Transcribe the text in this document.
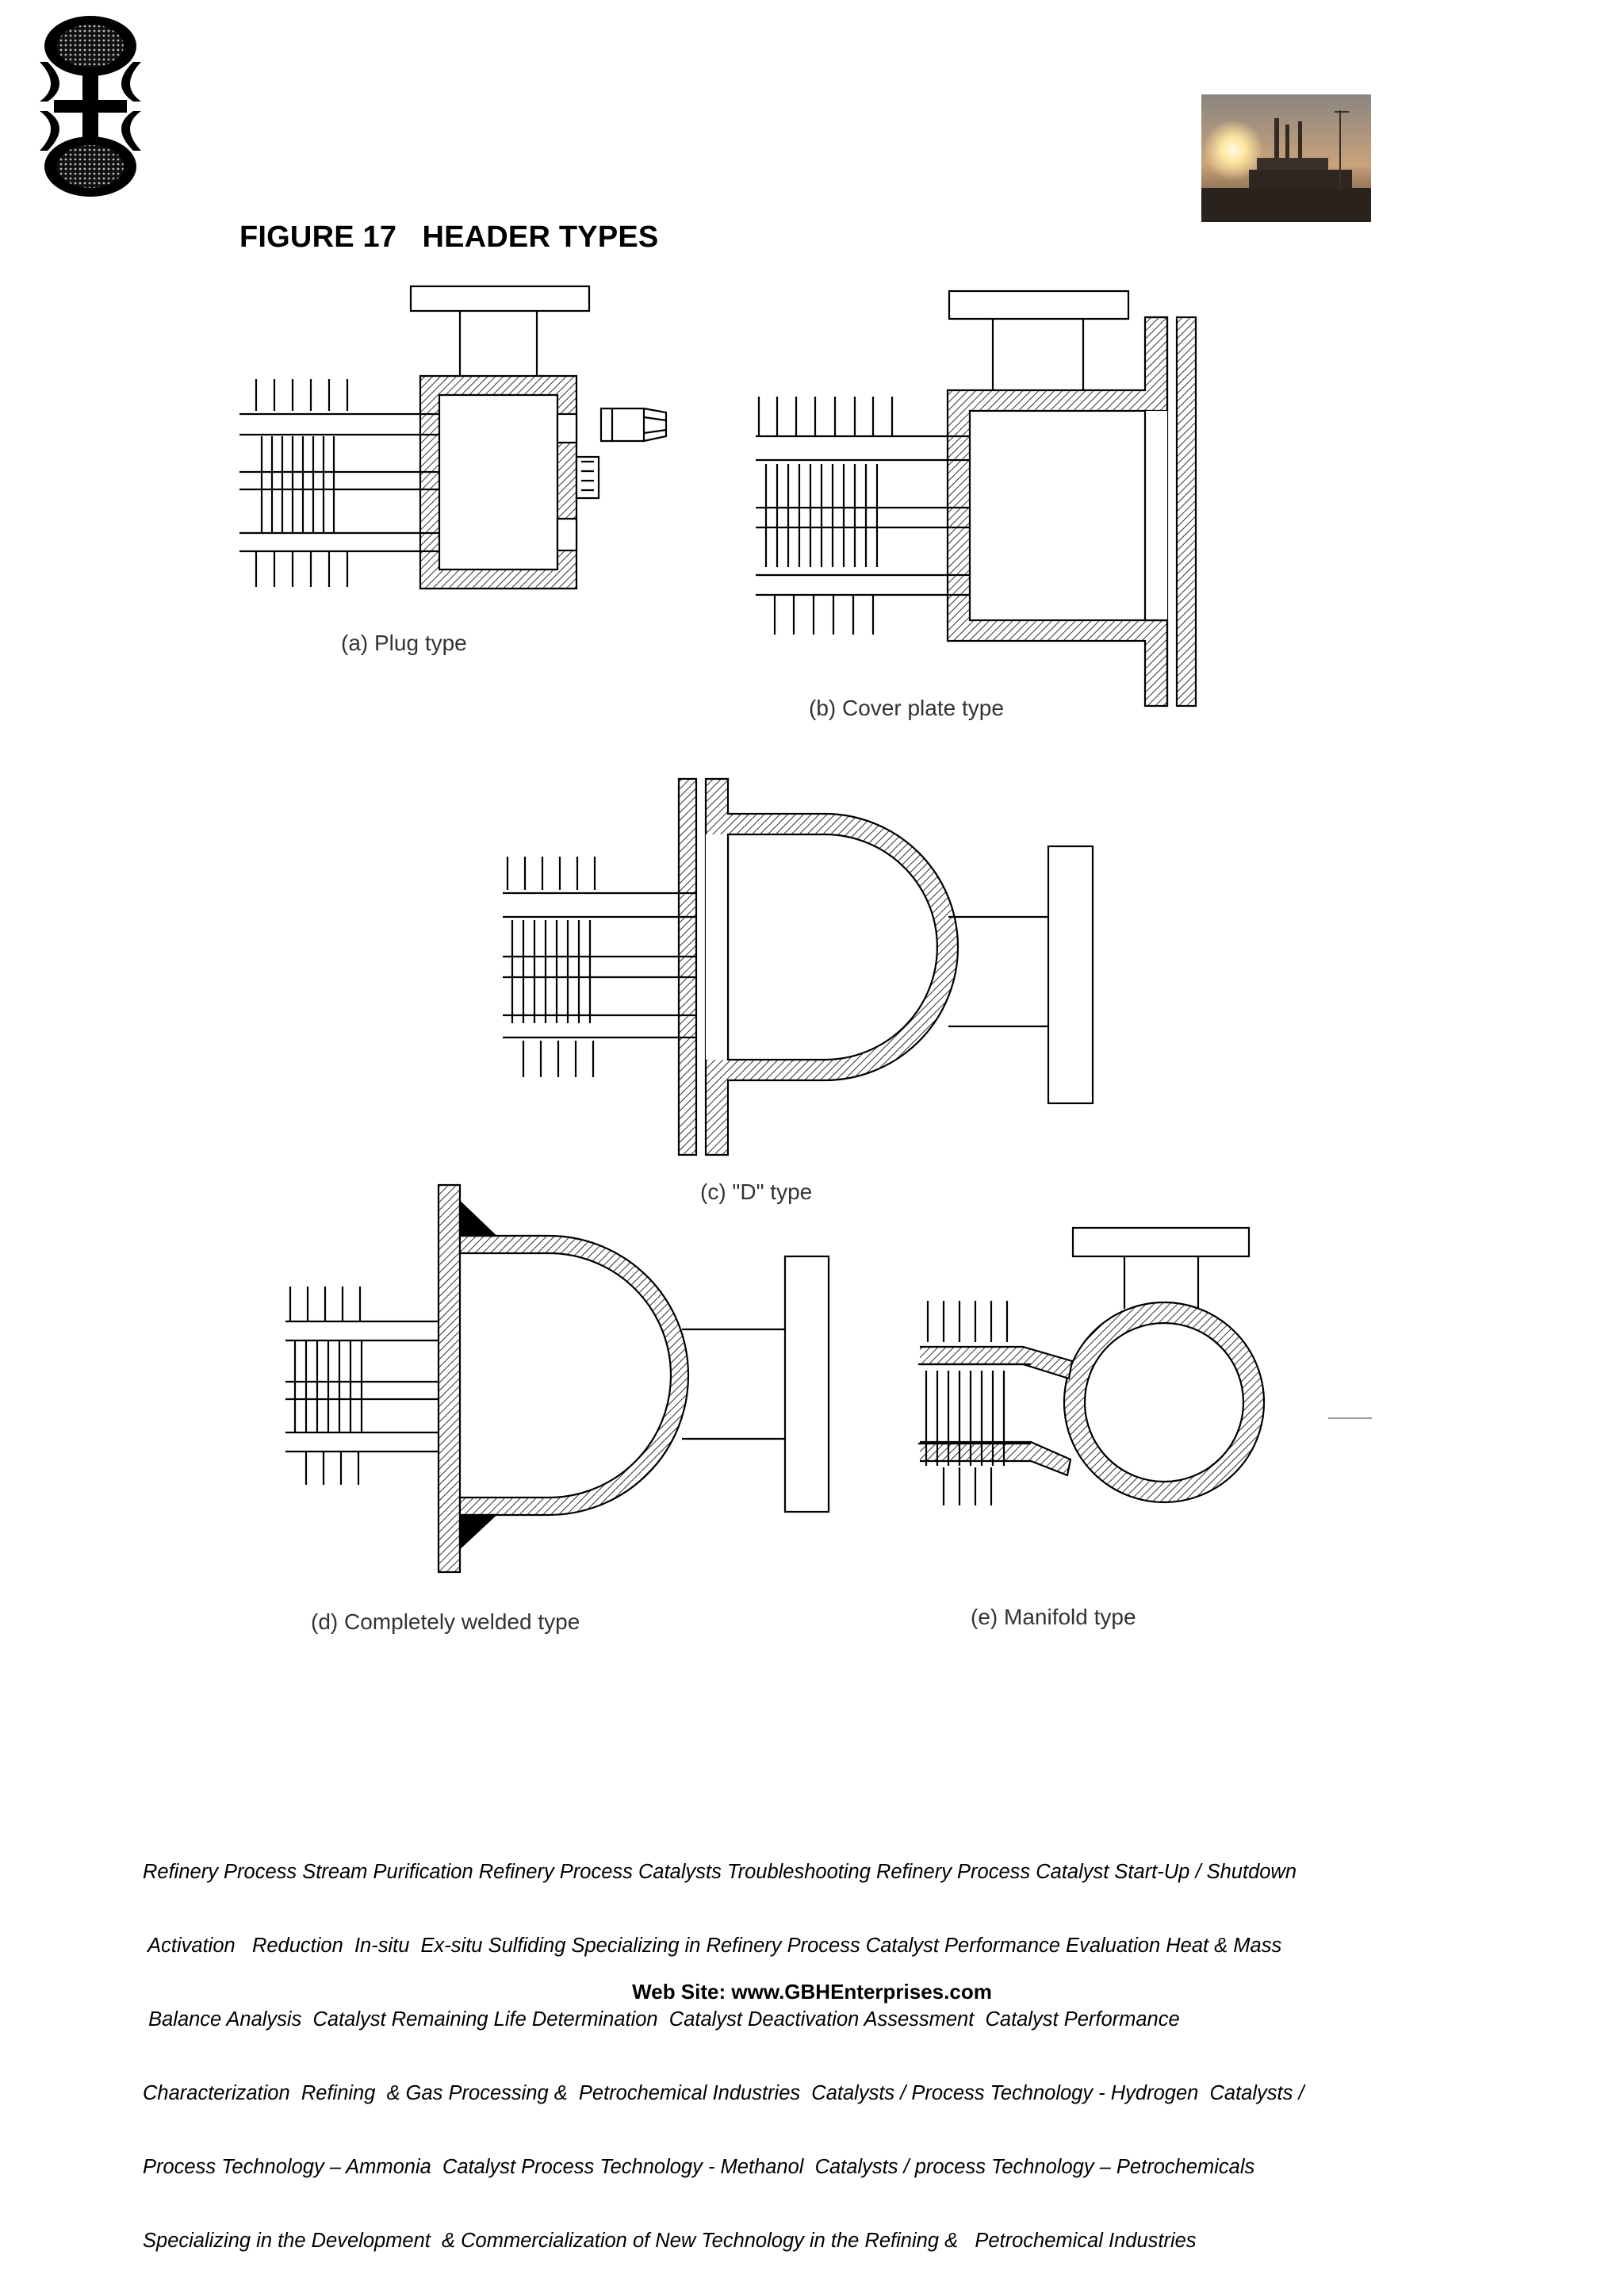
FIGURE 17   HEADER TYPES
(a) Plug type
(b) Cover plate type
(c) "D" type
(d) Completely welded type	(e) Manifold type

Refinery Process Stream Purification Refinery Process Catalysts Troubleshooting Refinery Process Catalyst Start-Up / Shutdown

Activation   Reduction  In-situ  Ex-situ Sulfiding Specializing in Refinery Process Catalyst Performance Evaluation Heat & Mass

Balance Analysis  Catalyst Remaining Life Determination  Catalyst Deactivation Assessment  Catalyst Performance

Characterization  Refining  & Gas Processing &  Petrochemical Industries  Catalysts / Process Technology - Hydrogen  Catalysts /

Process Technology – Ammonia  Catalyst Process Technology - Methanol  Catalysts / process Technology – Petrochemicals

Specializing in the Development  & Commercialization of New Technology in the Refining &   Petrochemical Industries

Web Site: www.GBHEnterprises.com
